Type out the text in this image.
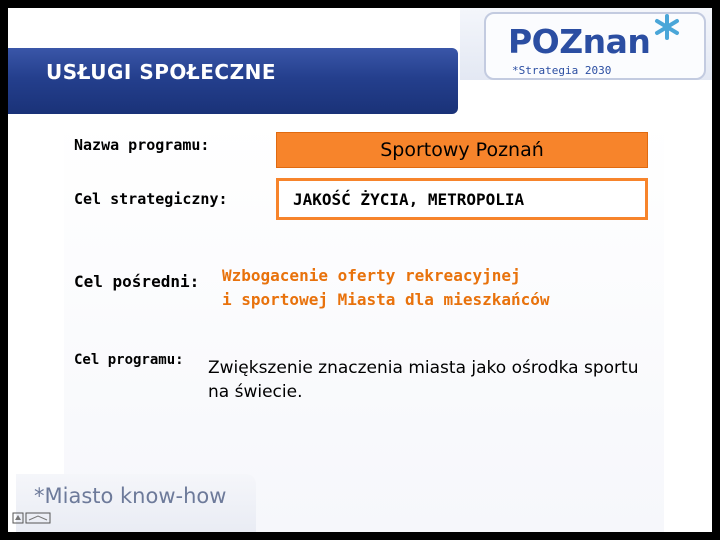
POZnan
*Strategia 2030
USŁUGI SPOŁECZNE
Nazwa programu:	Sportowy Poznań
Cel strategiczny:	JAKOŚĆ ŻYCIA, METROPOLIA
Cel pośredni: Wzbogacenie oferty rekreacyjnej
i sportowej Miasta dla mieszkańców
Cel programu: Zwiększenie znaczenia miasta jako ośrodka sportu
na świecie.
*Miasto know-how
